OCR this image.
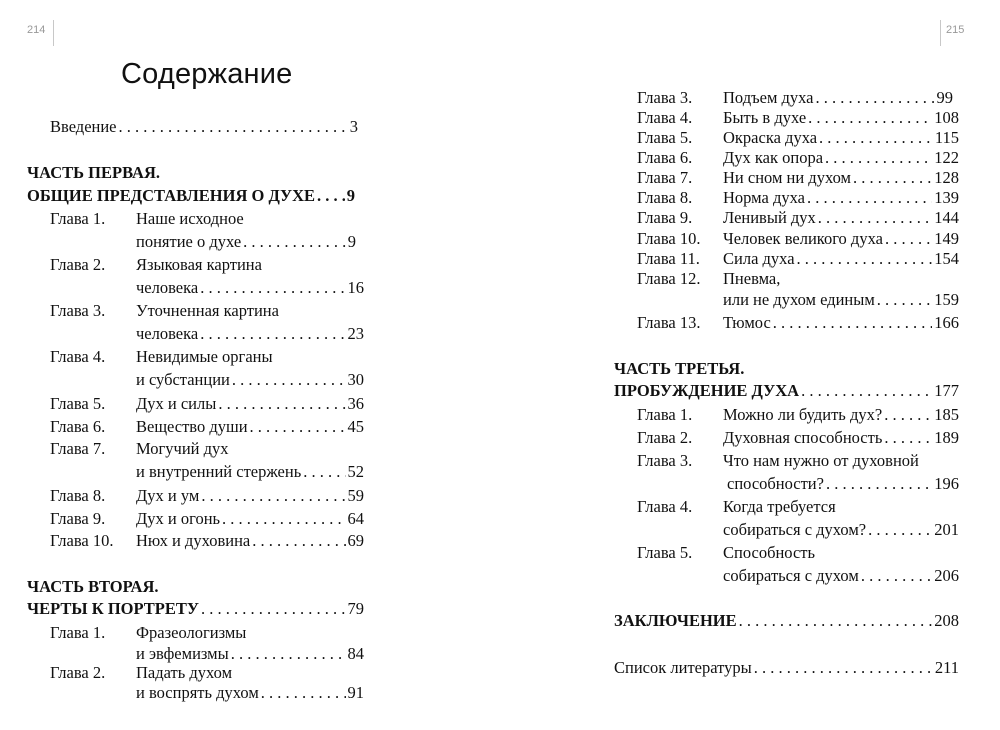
214	215
Содержание
Введение . . .	3
ЧАСТЬ ПЕРВАЯ.
ОБЩИЕ ПРЕДСТАВЛЕНИЯ О ДУХЕ . . . 9
Глава 1. Наше исходное
понятие о духе . . .	9
Глава 2. Языковая картина
человека . . .	16
Глава 3. Уточненная картина
человека . . .	23
Глава 4. Невидимые органы
и субстанции . . .	30
Глава 5. Дух и силы . . .	36
Глава 6. Вещество души . . .	45
Глава 7. Могучий дух
и внутренний стержень . . .	52
Глава 8. Дух и ум . . .	59
Глава 9. Дух и огонь . . .	64
Глава 10. Нюх и духовина . . .	69
ЧАСТЬ ВТОРАЯ.
ЧЕРТЫ К ПОРТРЕТУ . . .	79
Глава 1. Фразеологизмы
и эвфемизмы . . .	84
Глава 2. Падать духом
и воспрять духом . . .	91
Глава 3. Подъем духа . . .	99
Глава 4. Быть в духе . . .	108
Глава 5. Окраска духа . . .	115
Глава 6. Дух как опора . . .	122
Глава 7. Ни сном ни духом . . .	128
Глава 8. Норма духа . . .	139
Глава 9. Ленивый дух . . .	144
Глава 10. Человек великого духа . . .	149
Глава 11. Сила духа . . .	154
Глава 12. Пневма,
или не духом единым . . .	159
Глава 13. Тюмос . . .	166
ЧАСТЬ ТРЕТЬЯ.
ПРОБУЖДЕНИЕ ДУХА . . .	177
Глава 1. Можно ли будить дух? . . .	185
Глава 2. Духовная способность . . .	189
Глава 3. Что нам нужно от духовной
способности? . . .	196
Глава 4. Когда требуется
собираться с духом? . . .	201
Глава 5. Способность
собираться с духом . . .	206
ЗАКЛЮЧЕНИЕ . . .	208
Список литературы . . .	211
